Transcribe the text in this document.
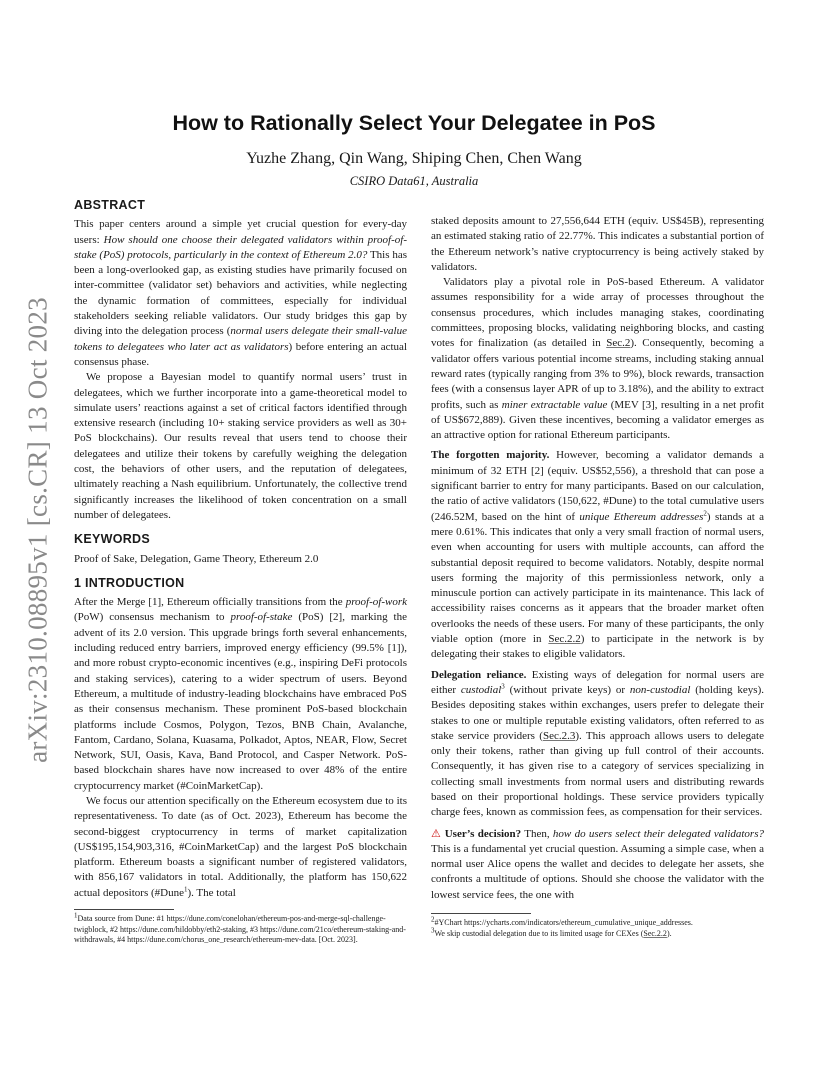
arXiv:2310.08895v1 [cs.CR] 13 Oct 2023
How to Rationally Select Your Delegatee in PoS

Yuzhe Zhang, Qin Wang, Shiping Chen, Chen Wang

CSIRO Data61, Australia

ABSTRACT

This paper centers around a simple yet crucial question for every-day users: How should one choose their delegated validators within proof-of-stake (PoS) protocols, particularly in the context of Ethereum 2.0? This has been a long-overlooked gap, as existing studies have primarily focused on inter-committee (validator set) behaviors and activities, while neglecting the dynamic formation of committees, especially for individual stakeholders seeking reliable validators. Our study bridges this gap by diving into the delegation process (normal users delegate their small-value tokens to delegatees who later act as validators) before entering an actual consensus phase.

We propose a Bayesian model to quantify normal users’ trust in delegatees, which we further incorporate into a game-theoretical model to simulate users’ reactions against a set of critical factors identified through extensive research (including 10+ staking service providers as well as 30+ PoS blockchains). Our results reveal that users tend to choose their delegatees and utilize their tokens by carefully weighing the delegation cost, the behaviors of other users, and the reputation of delegatees, ultimately reaching a Nash equilibrium. Unfortunately, the collective trend significantly increases the likelihood of token concentration on a small number of delegatees.

KEYWORDS

Proof of Sake, Delegation, Game Theory, Ethereum 2.0

1 INTRODUCTION

After the Merge [1], Ethereum officially transitions from the proof-of-work (PoW) consensus mechanism to proof-of-stake (PoS) [2], marking the advent of its 2.0 version. This upgrade brings forth several enhancements, including reduced entry barriers, improved energy efficiency (99.5% [1]), and more robust crypto-economic incentives (e.g., inspiring DeFi protocols and staking services), catering to a wider spectrum of users. Beyond Ethereum, a multitude of industry-leading blockchains have embraced PoS as their consensus mechanism. These prominent PoS-based blockchain platforms include Cosmos, Polygon, Tezos, BNB Chain, Avalanche, Fantom, Cardano, Solana, Kuasama, Polkadot, Aptos, NEAR, Flow, Secret Network, SUI, Oasis, Kava, Band Protocol, and Casper Network. PoS-based blockchain shares have now increased to over 48% of the entire cryptocurrency market (#CoinMarketCap).

We focus our attention specifically on the Ethereum ecosystem due to its representativeness. To date (as of Oct. 2023), Ethereum has become the second-biggest cryptocurrency in terms of market capitalization (US$195,154,903,316, #CoinMarketCap) and the largest PoS blockchain platform. Ethereum boasts a significant number of registered validators, with 856,167 validators in total. Additionally, the platform has 150,622 actual depositors (#Dune$^1$). The total

$^1$Data source from Dune: #1 https://dune.com/conelohan/ethereum-pos-and-merge-sql-challenge-twigblock, #2 https://dune.com/hildobby/eth2-staking, #3 https://dune.com/21co/ethereum-staking-and-withdrawals, #4 https://dune.com/chorus_one_research/ethereum-mev-data. [Oct. 2023].

staked deposits amount to 27,556,644 ETH (equiv. US$45B), representing an estimated staking ratio of 22.77%. This indicates a substantial portion of the Ethereum network’s native cryptocurrency is being actively staked by validators.

Validators play a pivotal role in PoS-based Ethereum. A validator assumes responsibility for a wide array of processes throughout the consensus procedures, which includes managing stakes, coordinating committees, proposing blocks, validating neighboring blocks, and casting votes for finalization (as detailed in Sec.2). Consequently, becoming a validator offers various potential income streams, including staking annual reward rates (typically ranging from 3% to 9%), block rewards, transaction fees (with a consensus layer APR of up to 3.18%), and the ability to extract profits, such as miner extractable value (MEV [3], resulting in a net profit of US$672,889). Given these incentives, becoming a validator emerges as an attractive option for rational Ethereum participants.

The forgotten majority. However, becoming a validator demands a minimum of 32 ETH [2] (equiv. US$52,556), a threshold that can pose a significant barrier to entry for many participants. Based on our calculation, the ratio of active validators (150,622, #Dune) to the total cumulative users (246.52M, based on the hint of unique Ethereum addresses$^2$) stands at a mere 0.61%. This indicates that only a very small fraction of normal users, even when accounting for users with multiple accounts, can afford the substantial deposit required to become validators. Notably, despite normal users forming the majority of this permissionless network, only a minuscule portion can actively participate in its maintenance. This lack of accessibility raises concerns as it appears that the broader market often overlooks the needs of these users. For many of these participants, the only viable option (more in Sec.2.2) to participate in the network is by delegating their stakes to eligible validators.

Delegation reliance. Existing ways of delegation for normal users are either custodial$^3$ (without private keys) or non-custodial (holding keys). Besides depositing stakes within exchanges, users prefer to delegate their stakes to one or multiple reputable existing validators, often referred to as stake service providers (Sec.2.3). This approach allows users to delegate only their tokens, rather than giving up full control of their accounts. Consequently, it has given rise to a category of services specializing in collecting small investments from normal users and distributing rewards based on their proportional holdings. These service providers typically charge fees, known as commission fees, as compensation for their services.

⚠ User’s decision? Then, how do users select their delegated validators? This is a fundamental yet crucial question. Assuming a simple case, when a normal user Alice opens the wallet and decides to delegate her assets, she confronts a multitude of options. Should she choose the validator with the lowest service fees, the one with

$^2$#YChart https://ycharts.com/indicators/ethereum_cumulative_unique_addresses.

$^3$We skip custodial delegation due to its limited usage for CEXes (Sec.2.2).
